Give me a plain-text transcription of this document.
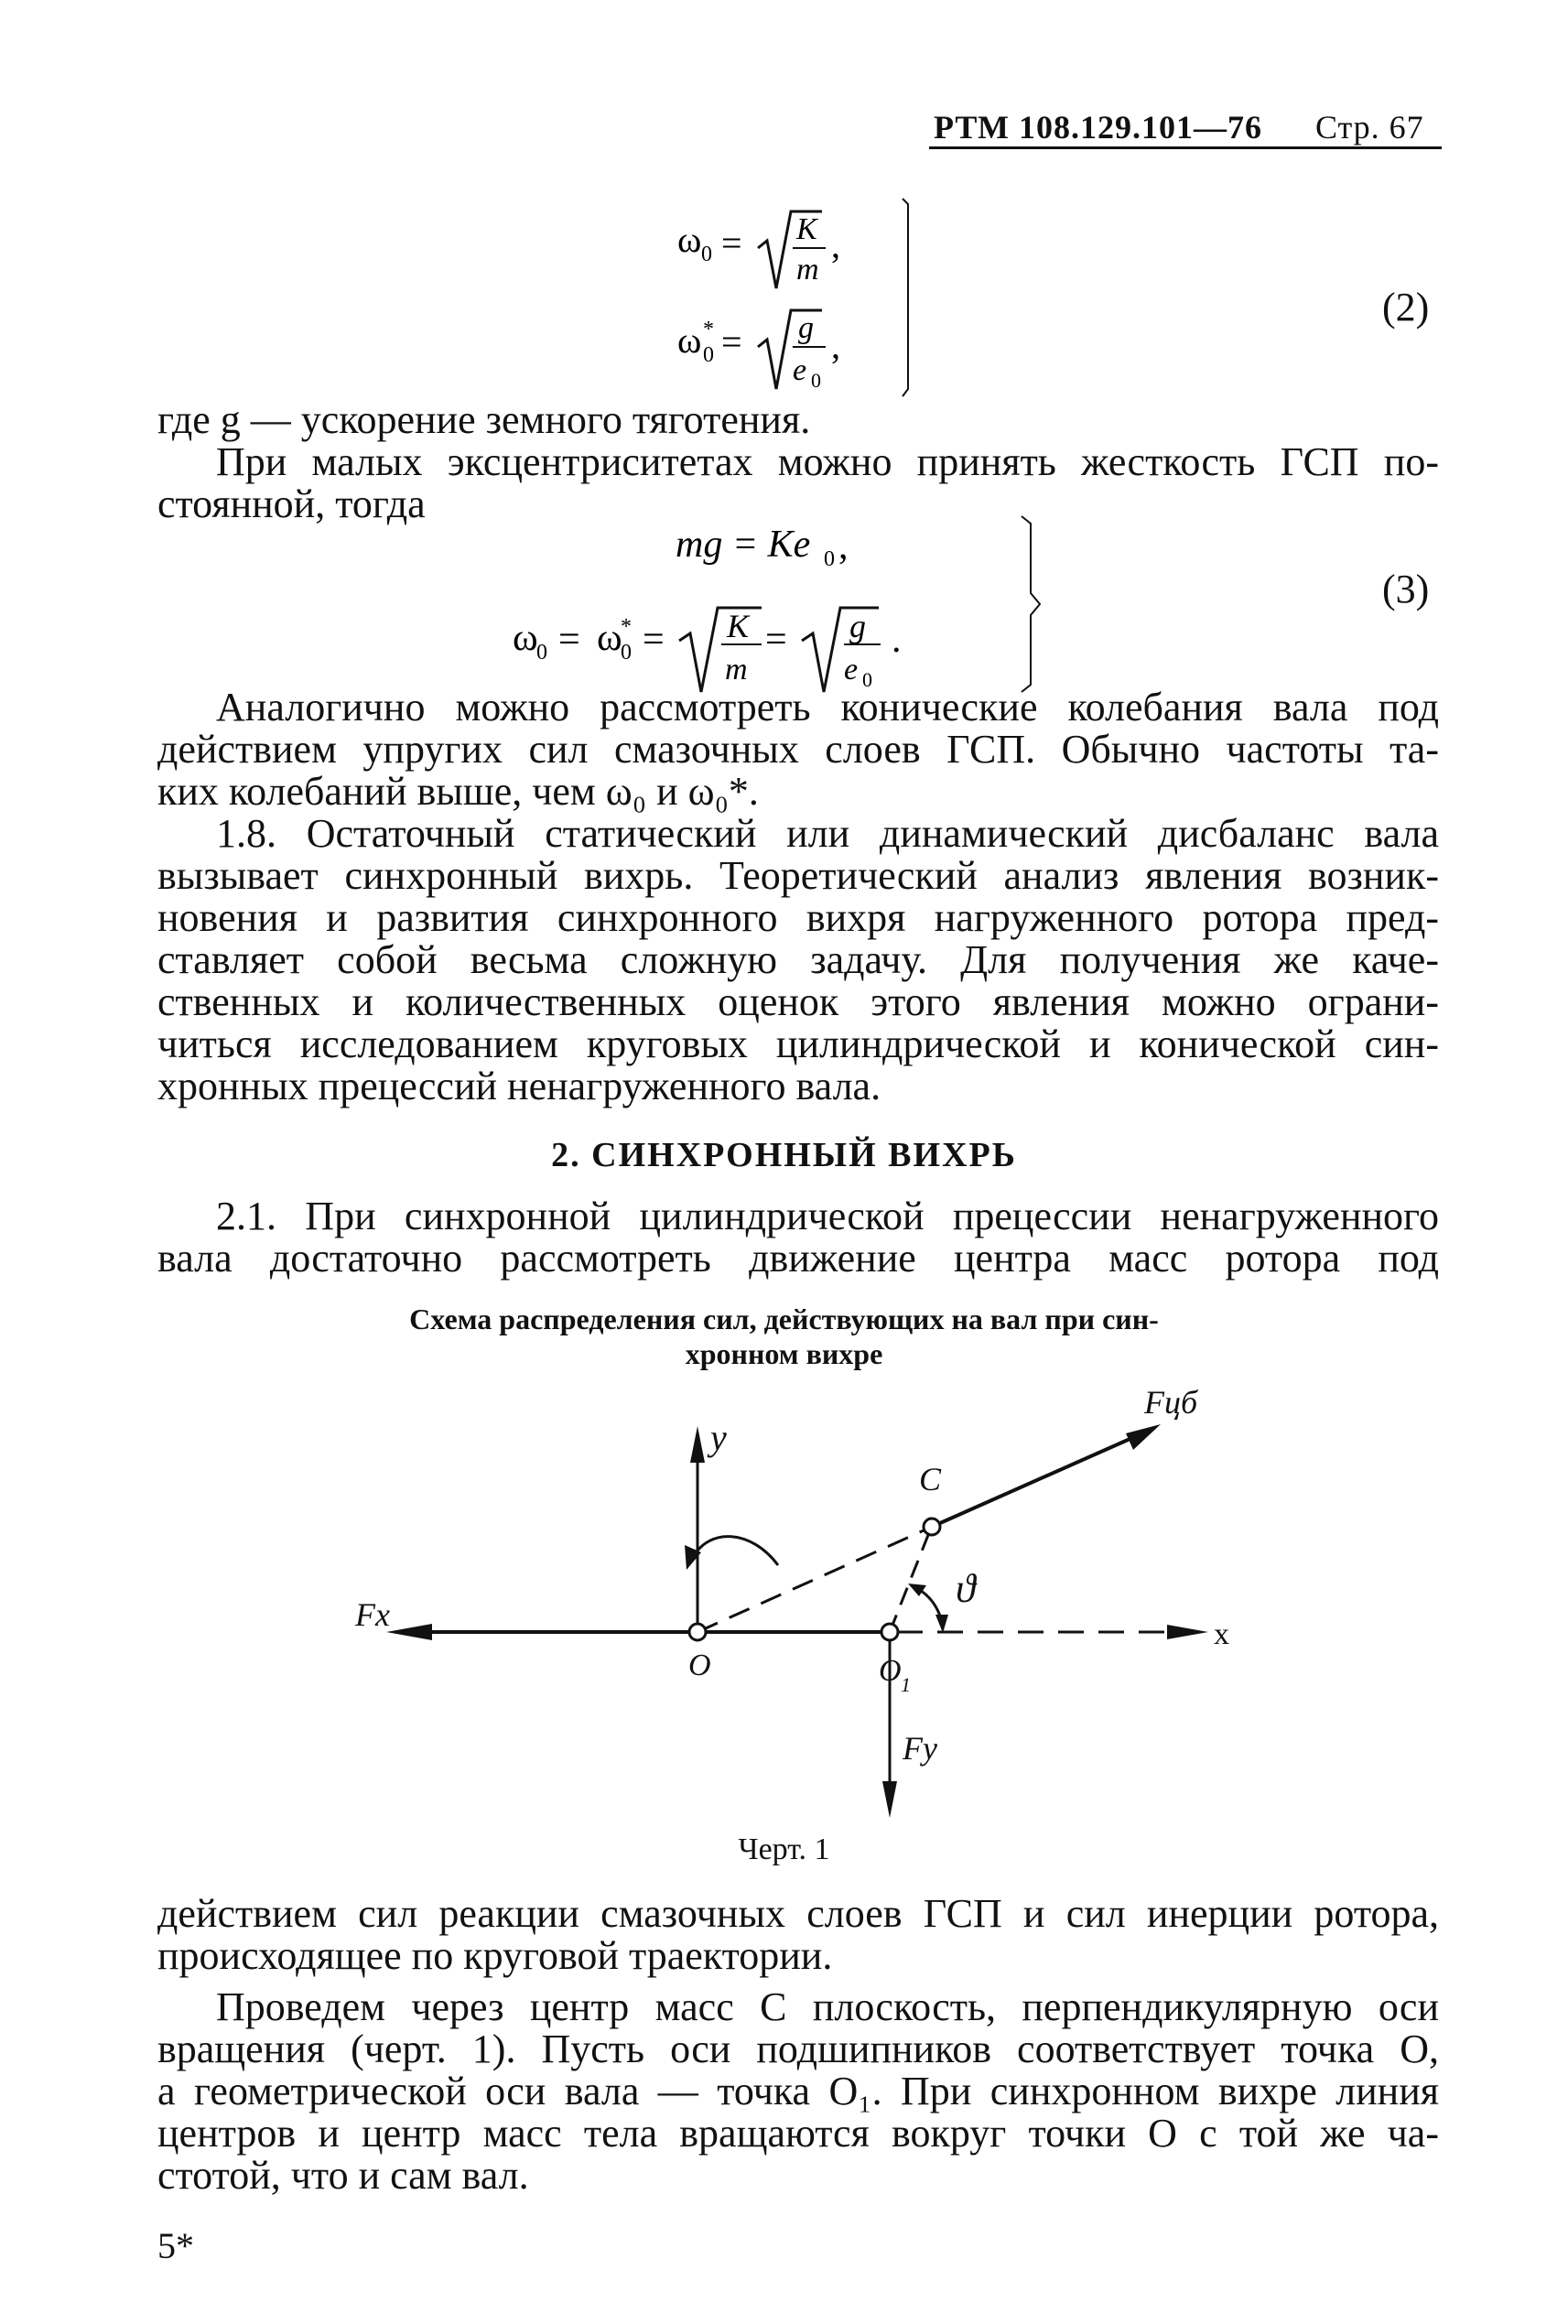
РТМ 108.129.101—76 Стр. 67
ω 0 = K
m
,
ω *
0 = g
e 0
,
(2)
где g — ускорение земного тяготения.
При малых эксцентриситетах можно принять жесткость ГСП по-
стоянной, тогда
mg = Ke 0 ,
ω
0 = ω
*
0 = K
m
= g
e 0
.
(3)
Аналогично можно рассмотреть конические колебания вала под
действием упругих сил смазочных слоев ГСП. Обычно частоты та-
ких колебаний выше, чем ω₀ и ω₀*.
1.8. Остаточный статический или динамический дисбаланс вала
вызывает синхронный вихрь. Теоретический анализ явления возник-
новения и развития синхронного вихря нагруженного ротора пред-
ставляет собой весьма сложную задачу. Для получения же каче-
ственных и количественных оценок этого явления можно ограни-
читься исследованием круговых цилиндрической и конической син-
хронных прецессий ненагруженного вала.
2. СИНХРОННЫЙ ВИХРЬ
2.1. При синхронной цилиндрической прецессии ненагруженного
вала достаточно рассмотреть движение центра масс ротора под
Схема распределения сил, действующих на вал при син-
хронном вихре
y
C
Fцб
ϑ
Fx
x
O	O 1
Fy
Черт. 1
действием сил реакции смазочных слоев ГСП и сил инерции ротора,
происходящее по круговой траектории.
Проведем через центр масс C плоскость, перпендикулярную оси
вращения (черт. 1). Пусть оси подшипников соответствует точка O,
а геометрической оси вала — точка O₁. При синхронном вихре линия
центров и центр масс тела вращаются вокруг точки O с той же ча-
стотой, что и сам вал.
5*
